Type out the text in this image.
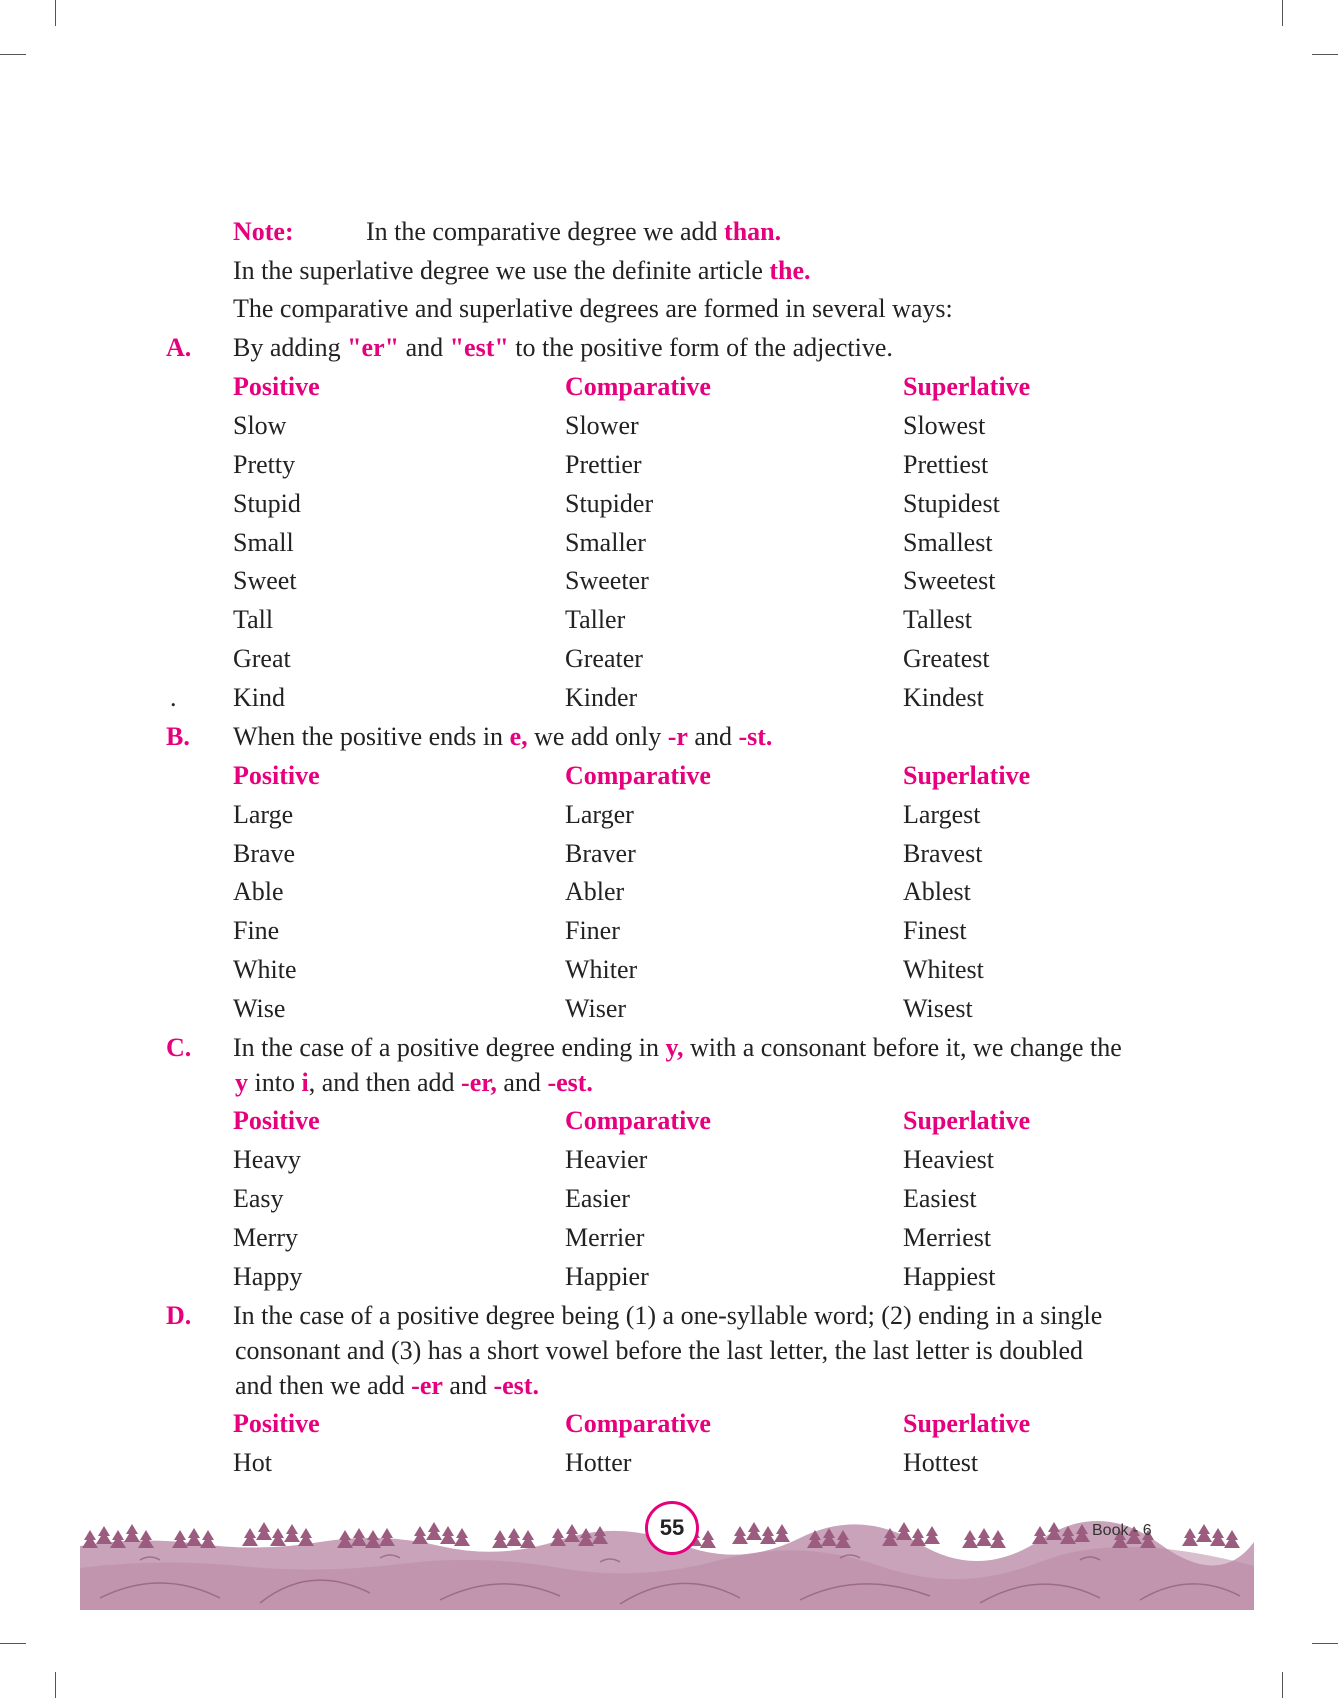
Note:	In the comparative degree we add than.
In the superlative degree we use the definite article the.
The comparative and superlative degrees are formed in several ways:
A. By adding "er" and "est" to the positive form of the adjective.
Positive	Comparative	Superlative
Slow	Slower	Slowest
Pretty	Prettier	Prettiest
Stupid	Stupider	Stupidest
Small	Smaller	Smallest
Sweet	Sweeter	Sweetest
Tall	Taller	Tallest
Great	Greater	Greatest
. Kind	Kinder	Kindest
B. When the positive ends in e, we add only -r and -st.
Positive	Comparative	Superlative
Large	Larger	Largest
Brave	Braver	Bravest
Able	Abler	Ablest
Fine	Finer	Finest
White	Whiter	Whitest
Wise	Wiser	Wisest
C. In the case of a positive degree ending in y, with a consonant before it, we change the
y into i, and then add -er, and -est.
Positive	Comparative	Superlative
Heavy	Heavier	Heaviest
Easy	Easier	Easiest
Merry	Merrier	Merriest
Happy	Happier	Happiest
D. In the case of a positive degree being (1) a one-syllable word; (2) ending in a single
consonant and (3) has a short vowel before the last letter, the last letter is doubled
and then we add -er and -est.
Positive	Comparative	Superlative
Hot	Hotter	Hottest
55	Book - 6
